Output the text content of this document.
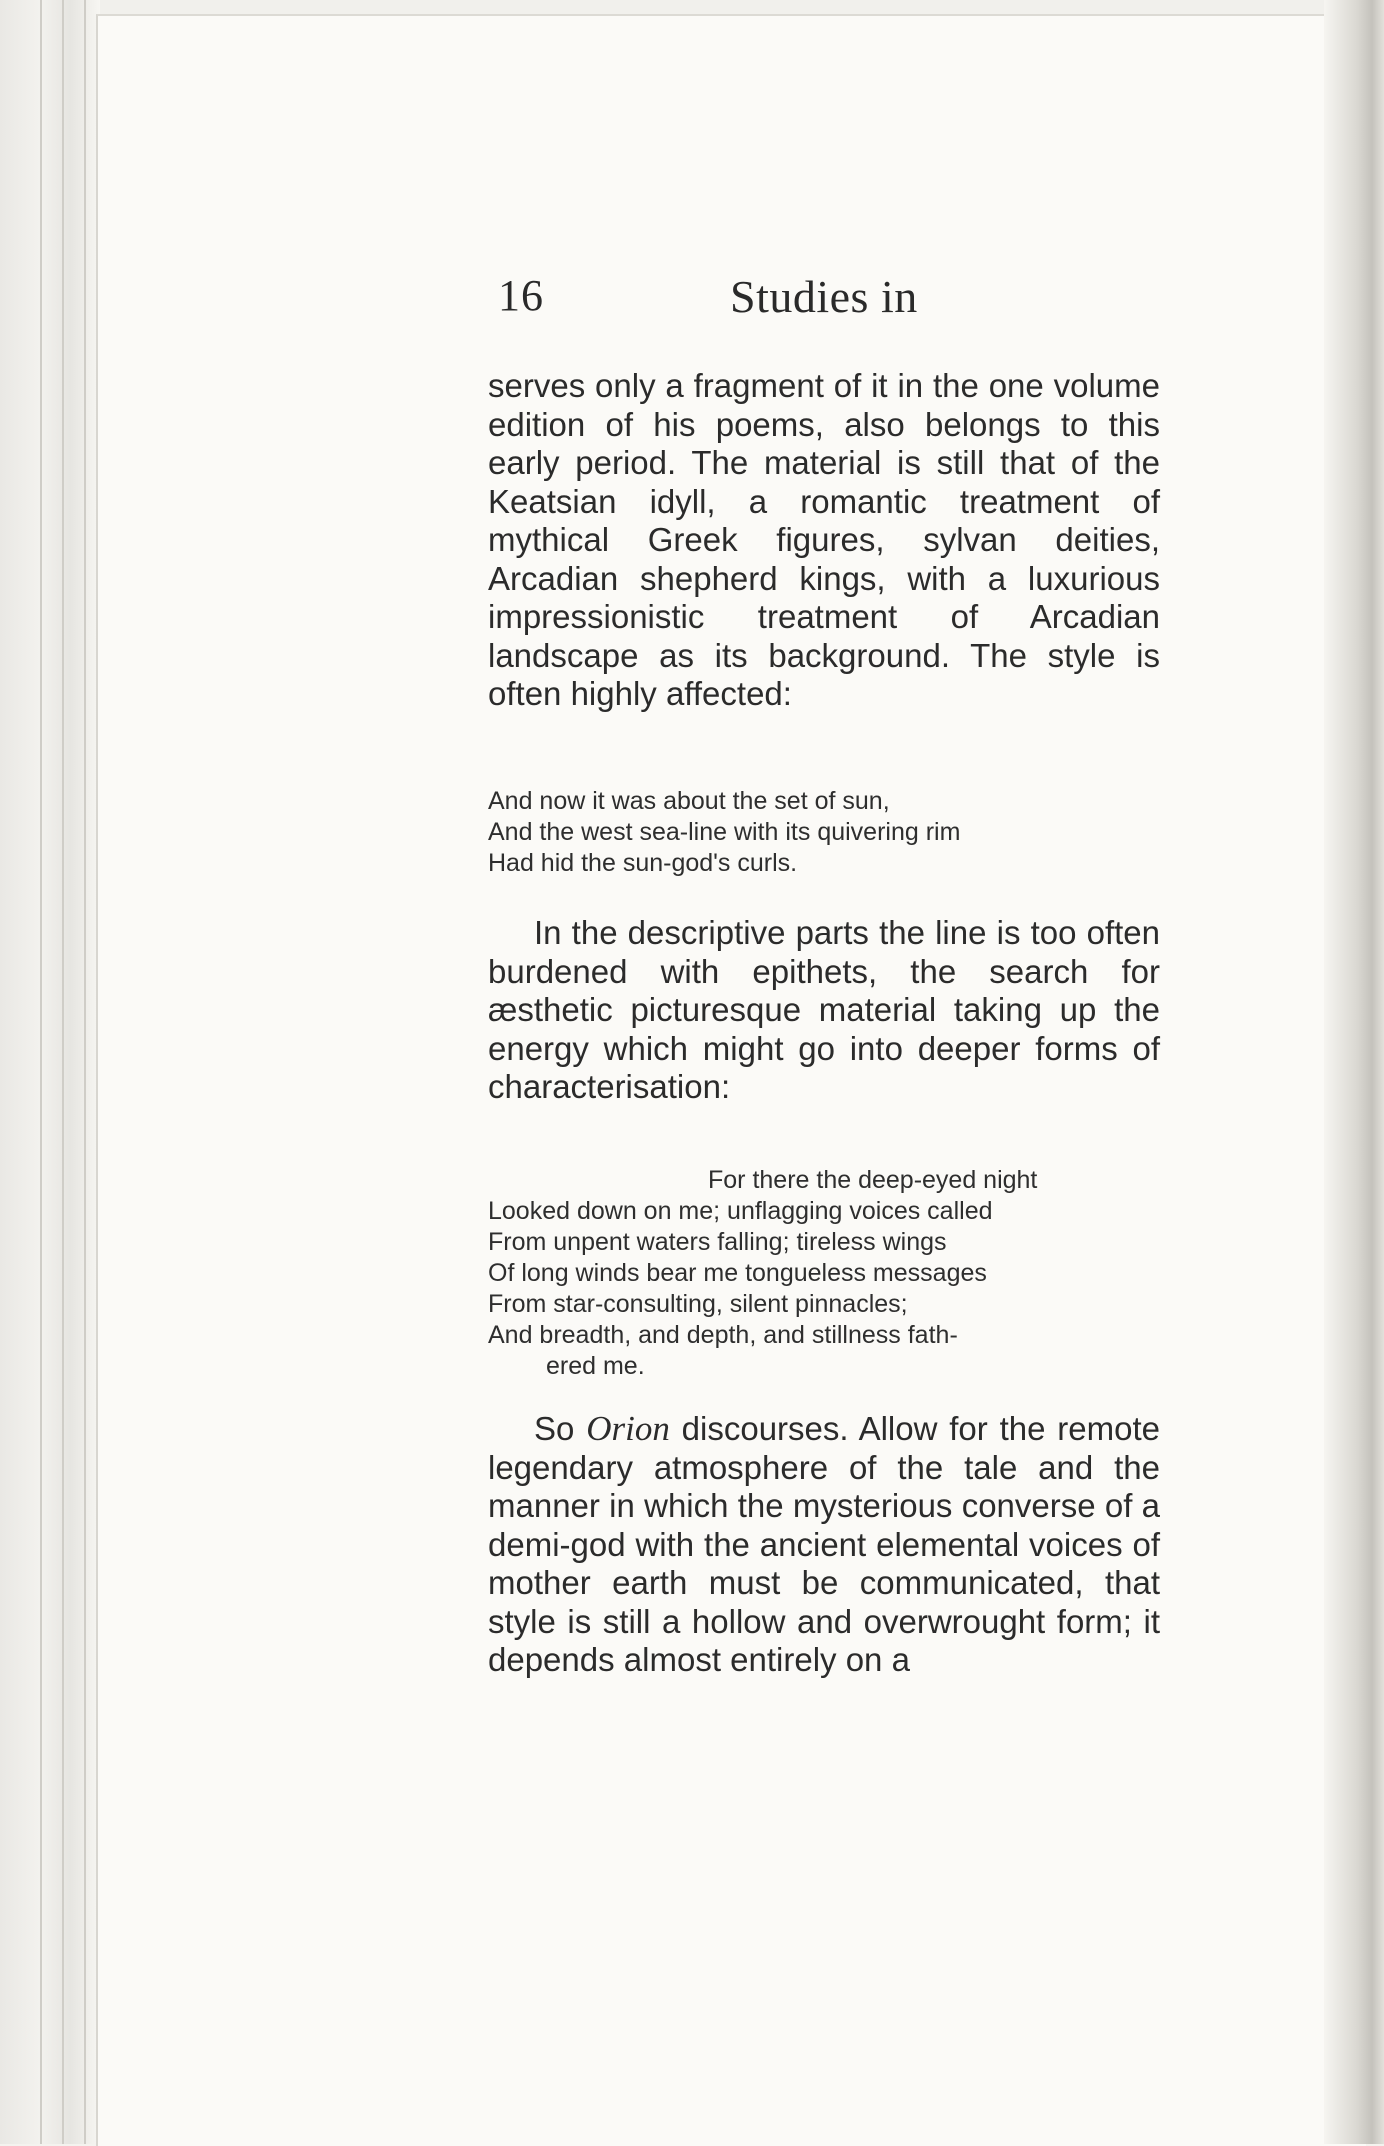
16	Studies in
serves only a fragment of it in the one volume edition of his poems, also belongs to this early period. The material is still that of the Keatsian idyll, a romantic treatment of mythical Greek figures, sylvan deities, Arcadian shepherd kings, with a luxurious impressionistic treatment of Arcadian landscape as its background. The style is often highly affected:
And now it was about the set of sun,
And the west sea-line with its quivering rim
Had hid the sun-god's curls.
In the descriptive parts the line is too often burdened with epithets, the search for æsthetic picturesque material taking up the energy which might go into deeper forms of characterisation:
For there the deep-eyed night
Looked down on me; unflagging voices called
From unpent waters falling; tireless wings
Of long winds bear me tongueless messages
From star-consulting, silent pinnacles;
And breadth, and depth, and stillness fath-
ered me.
So Orion discourses. Allow for the remote legendary atmosphere of the tale and the manner in which the mysterious converse of a demi-god with the ancient elemental voices of mother earth must be communicated, that style is still a hollow and overwrought form; it depends almost entirely on a
